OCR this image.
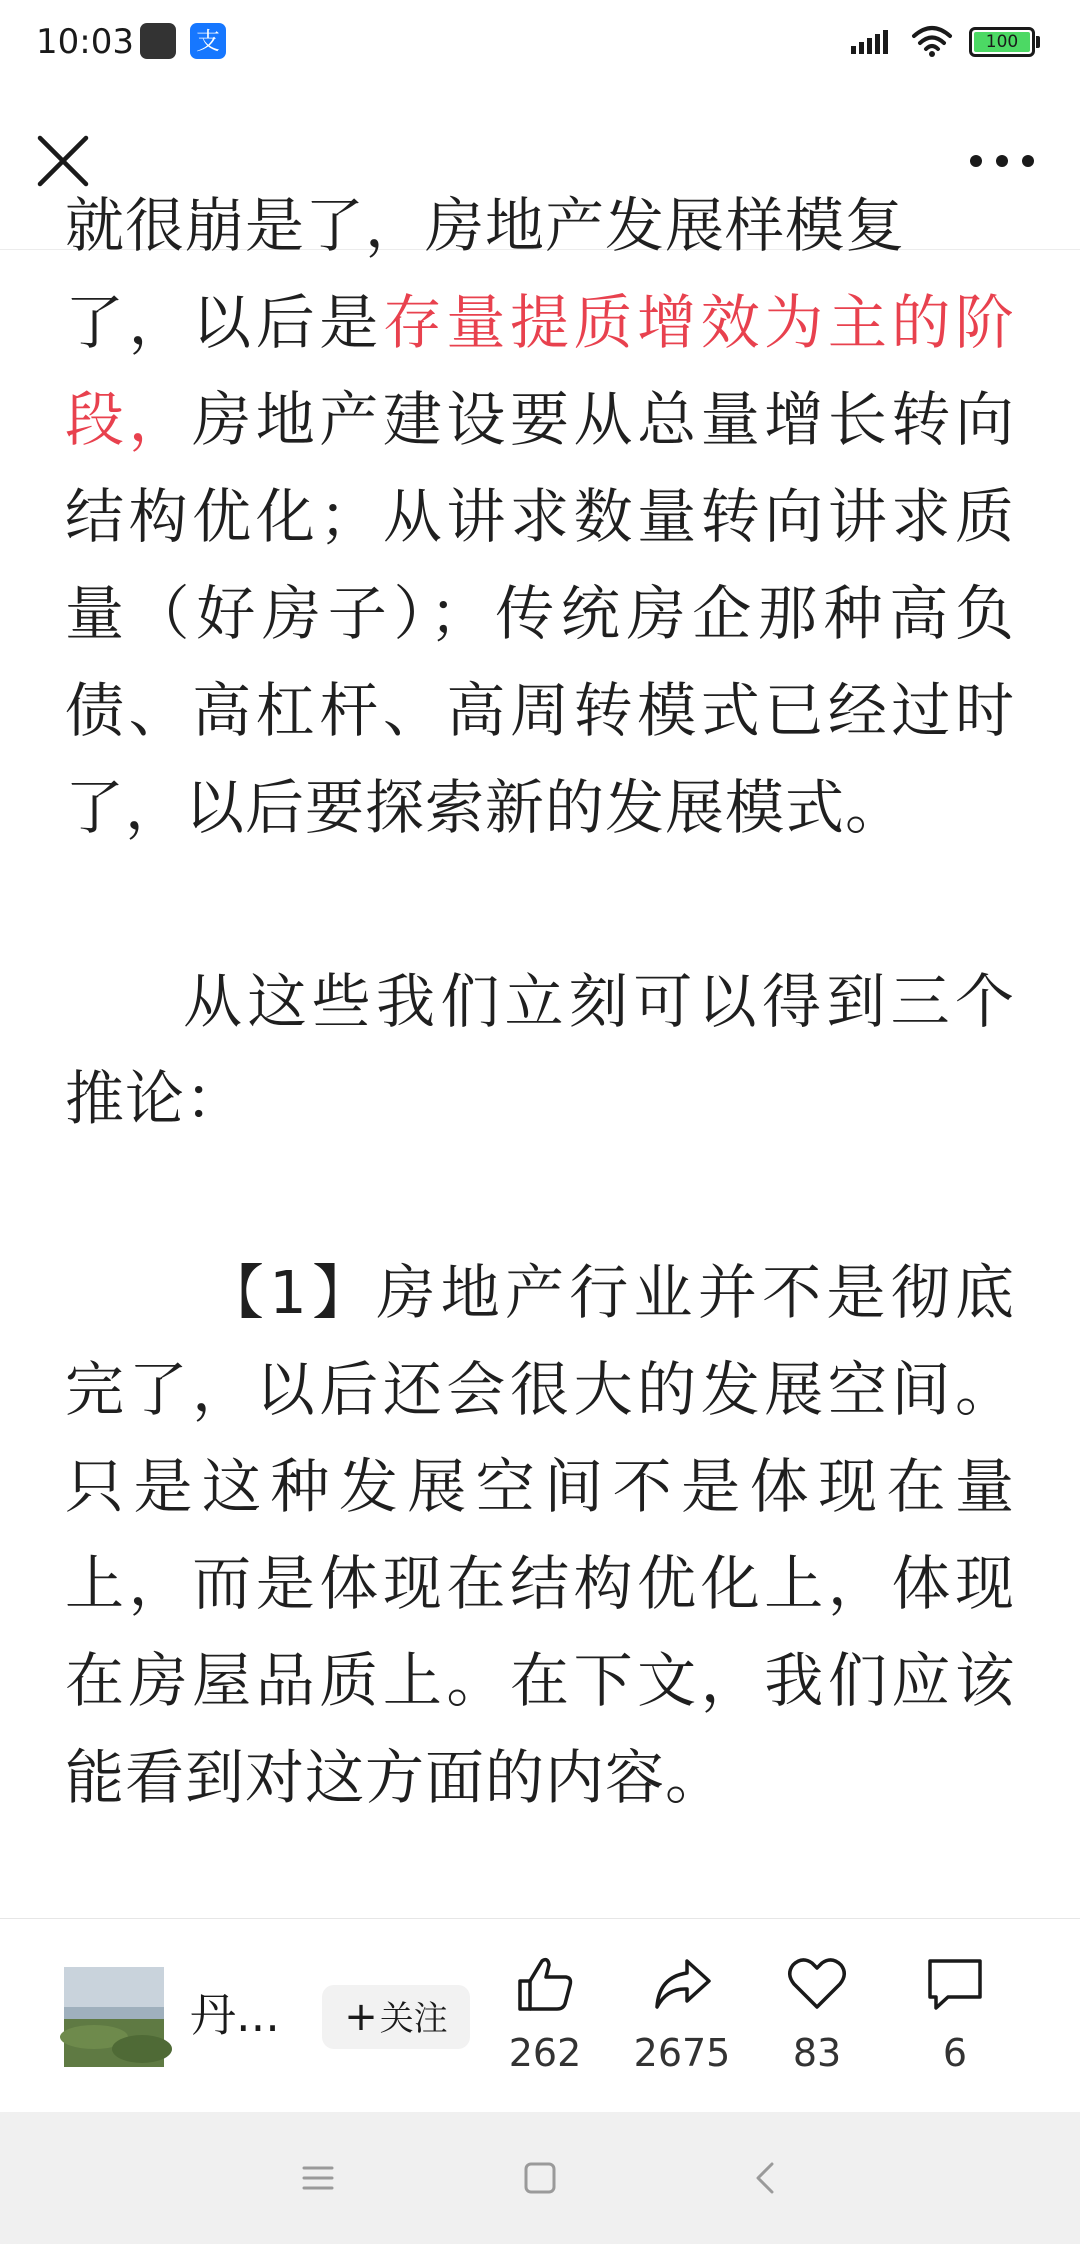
10:03	支	100

就很崩是了，房地产发展样模复

了，以后是存量提质增效为主的阶段，房地产建设要从总量增长转向结构优化；从讲求数量转向讲求质量（好房子）；传统房企那种高负债、高杠杆、高周转模式已经过时了，以后要探索新的发展模式。

从这些我们立刻可以得到三个推论：

【1】房地产行业并不是彻底完了，以后还会很大的发展空间。只是这种发展空间不是体现在量上，而是体现在结构优化上，体现在房屋品质上。在下文，我们应该能看到对这方面的内容。

丹...	+关注
262	2675	83	6
